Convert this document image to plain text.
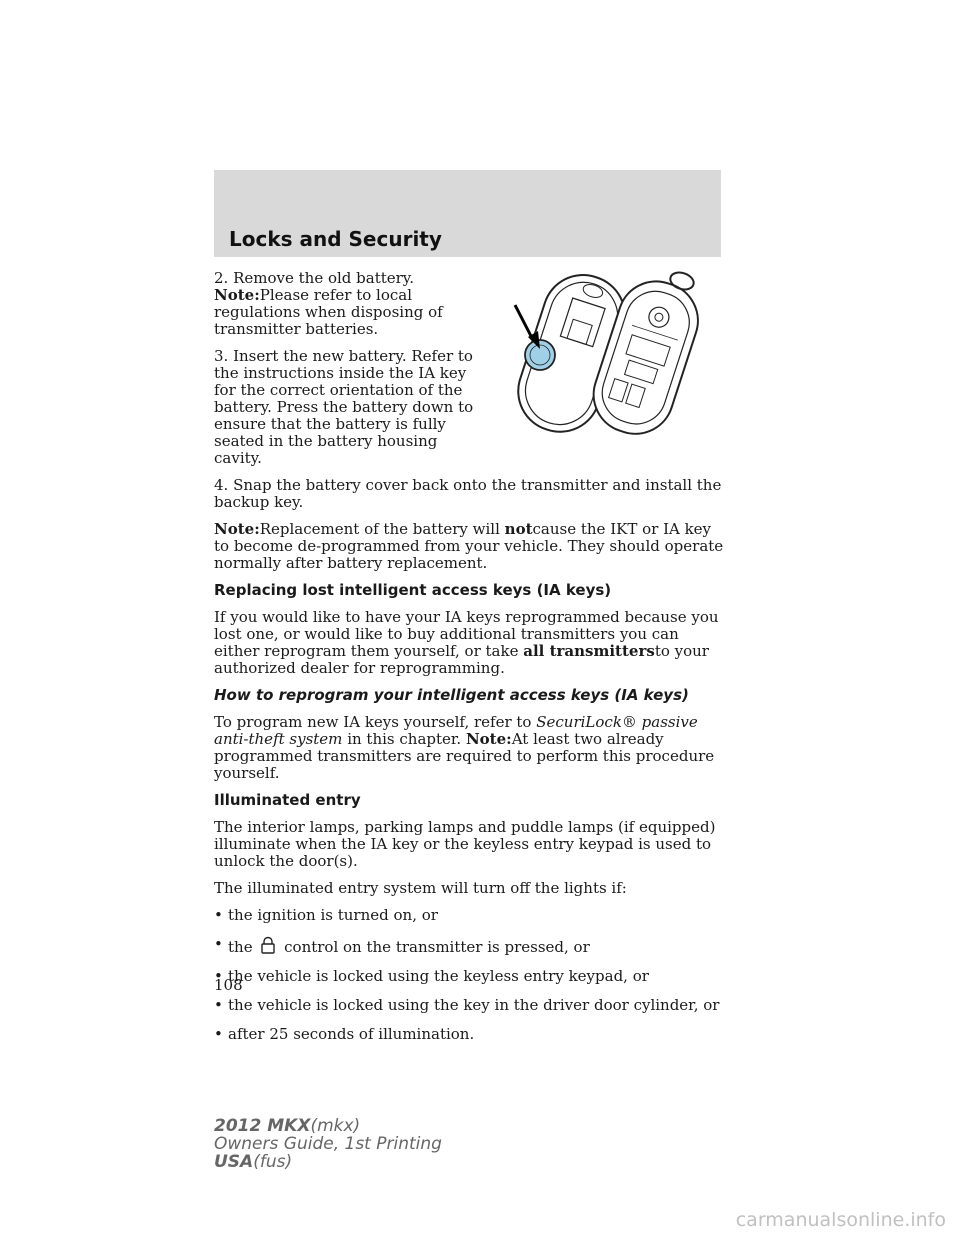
Locks and Security

2. Remove the old battery.
Note:Please refer to local regulations when disposing of transmitter batteries.

3. Insert the new battery. Refer to the instructions inside the IA key for the correct orientation of the battery. Press the battery down to ensure that the battery is fully seated in the battery housing cavity.

4. Snap the battery cover back onto the transmitter and install the backup key.

Note:Replacement of the battery will notcause the IKT or IA key to become de-programmed from your vehicle. They should operate normally after battery replacement.

Replacing lost intelligent access keys (IA keys)

If you would like to have your IA keys reprogrammed because you lost one, or would like to buy additional transmitters you can either reprogram them yourself, or take all transmittersto your authorized dealer for reprogramming.

How to reprogram your intelligent access keys (IA keys)

To program new IA keys yourself, refer to SecuriLock® passive anti-theft system in this chapter. Note:At least two already programmed transmitters are required to perform this procedure yourself.

Illuminated entry

The interior lamps, parking lamps and puddle lamps (if equipped) illuminate when the IA key or the keyless entry keypad is used to unlock the door(s).

The illuminated entry system will turn off the lights if:

• the ignition is turned on, or
• the control on the transmitter is pressed, or
• the vehicle is locked using the keyless entry keypad, or
• the vehicle is locked using the key in the driver door cylinder, or
• after 25 seconds of illumination.
108
2012 MKX(mkx)
Owners Guide, 1st Printing
USA(fus)
carmanualsonline.info
